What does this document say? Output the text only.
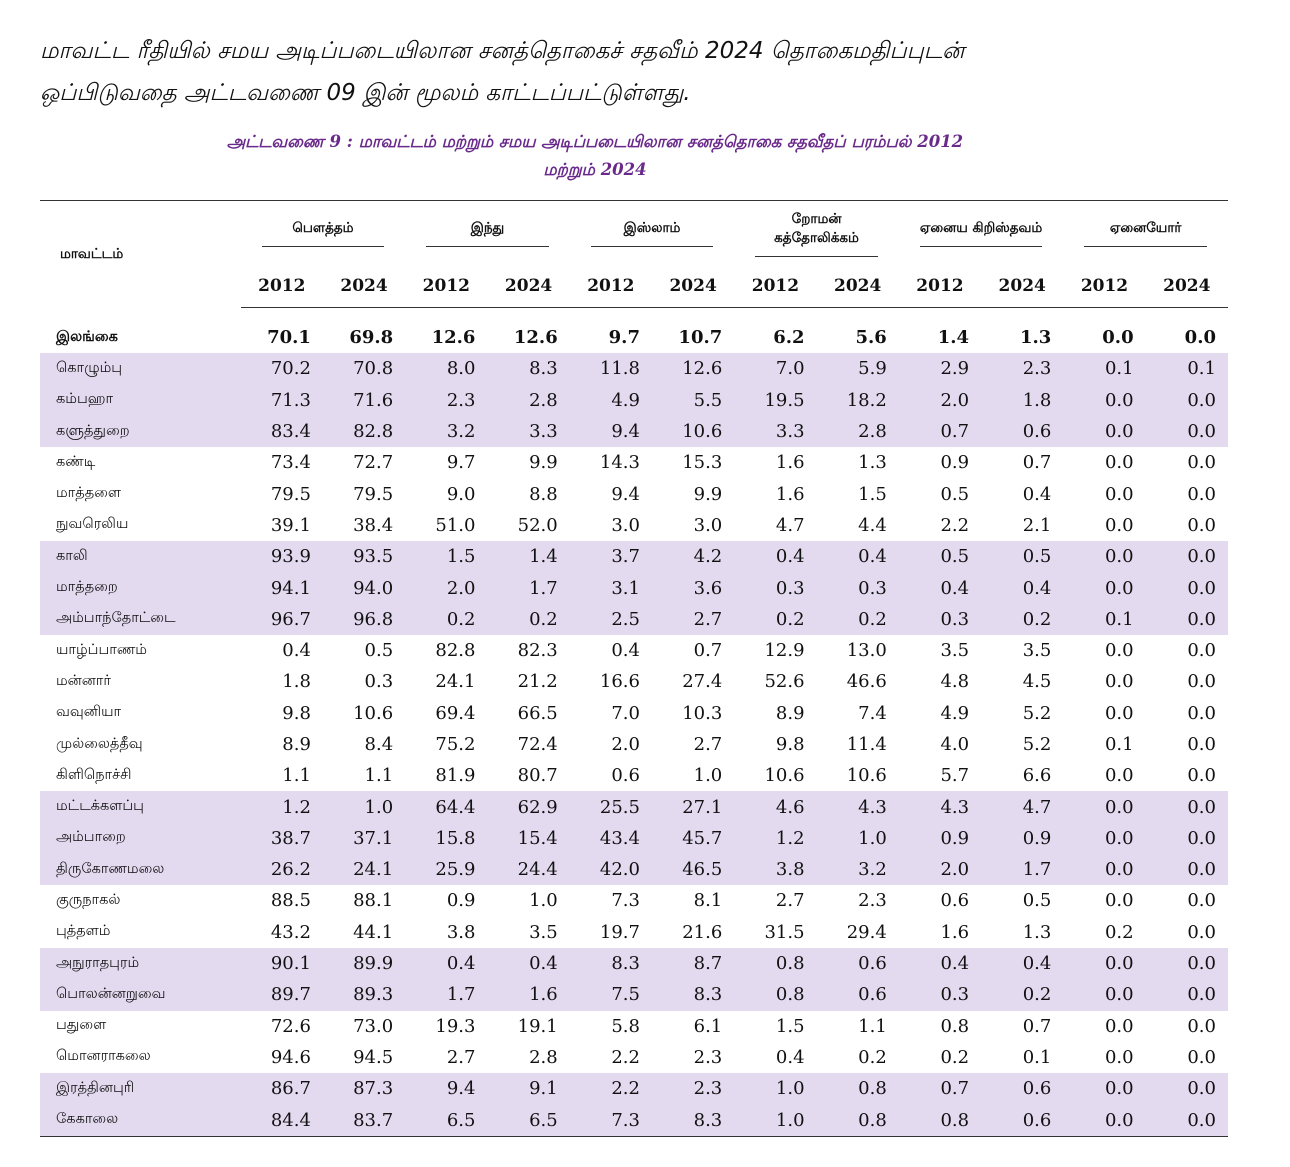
மாவட்ட ரீதியில் சமய அடிப்படையிலான சனத்தொகைச் சதவீம் 2024 தொகைமதிப்புடன்

ஒப்பிடுவதை அட்டவணை 09 இன் மூலம் காட்டப்பட்டுள்ளது.

அட்டவணை 9 : மாவட்டம் மற்றும் சமய அடிப்படையிலான சனத்தொகை சதவீதப் பரம்பல் 2012
மற்றும் 2024
மாவட்டம்	பௌத்தம்		இந்து		இஸ்லாம்		றோமன் கத்தோலிக்கம்		ஏனைய கிறிஸ்தவம்		ஏனையோர்	

	2012	2024	2012	2024	2012	2024	2012	2024	2012	2024	2012	2024

இலங்கை	70.1	69.8	12.6	12.6	9.7	10.7	6.2	5.6	1.4	1.3	0.0	0.0
கொழும்பு	70.2	70.8	8.0	8.3	11.8	12.6	7.0	5.9	2.9	2.3	0.1	0.1
கம்பஹா	71.3	71.6	2.3	2.8	4.9	5.5	19.5	18.2	2.0	1.8	0.0	0.0
களுத்துறை	83.4	82.8	3.2	3.3	9.4	10.6	3.3	2.8	0.7	0.6	0.0	0.0
கண்டி	73.4	72.7	9.7	9.9	14.3	15.3	1.6	1.3	0.9	0.7	0.0	0.0
மாத்தளை	79.5	79.5	9.0	8.8	9.4	9.9	1.6	1.5	0.5	0.4	0.0	0.0
நுவரெலிய	39.1	38.4	51.0	52.0	3.0	3.0	4.7	4.4	2.2	2.1	0.0	0.0
காலி	93.9	93.5	1.5	1.4	3.7	4.2	0.4	0.4	0.5	0.5	0.0	0.0
மாத்தறை	94.1	94.0	2.0	1.7	3.1	3.6	0.3	0.3	0.4	0.4	0.0	0.0
அம்பாந்தோட்டை	96.7	96.8	0.2	0.2	2.5	2.7	0.2	0.2	0.3	0.2	0.1	0.0
யாழ்ப்பாணம்	0.4	0.5	82.8	82.3	0.4	0.7	12.9	13.0	3.5	3.5	0.0	0.0
மன்னார்	1.8	0.3	24.1	21.2	16.6	27.4	52.6	46.6	4.8	4.5	0.0	0.0
வவுனியா	9.8	10.6	69.4	66.5	7.0	10.3	8.9	7.4	4.9	5.2	0.0	0.0
முல்லைத்தீவு	8.9	8.4	75.2	72.4	2.0	2.7	9.8	11.4	4.0	5.2	0.1	0.0
கிளிநொச்சி	1.1	1.1	81.9	80.7	0.6	1.0	10.6	10.6	5.7	6.6	0.0	0.0
மட்டக்களப்பு	1.2	1.0	64.4	62.9	25.5	27.1	4.6	4.3	4.3	4.7	0.0	0.0
அம்பாறை	38.7	37.1	15.8	15.4	43.4	45.7	1.2	1.0	0.9	0.9	0.0	0.0
திருகோணமலை	26.2	24.1	25.9	24.4	42.0	46.5	3.8	3.2	2.0	1.7	0.0	0.0
குருநாகல்	88.5	88.1	0.9	1.0	7.3	8.1	2.7	2.3	0.6	0.5	0.0	0.0
புத்தளம்	43.2	44.1	3.8	3.5	19.7	21.6	31.5	29.4	1.6	1.3	0.2	0.0
அநுராதபுரம்	90.1	89.9	0.4	0.4	8.3	8.7	0.8	0.6	0.4	0.4	0.0	0.0
பொலன்னறுவை	89.7	89.3	1.7	1.6	7.5	8.3	0.8	0.6	0.3	0.2	0.0	0.0
பதுளை	72.6	73.0	19.3	19.1	5.8	6.1	1.5	1.1	0.8	0.7	0.0	0.0
மொனராகலை	94.6	94.5	2.7	2.8	2.2	2.3	0.4	0.2	0.2	0.1	0.0	0.0
இரத்தினபுரி	86.7	87.3	9.4	9.1	2.2	2.3	1.0	0.8	0.7	0.6	0.0	0.0
கேகாலை	84.4	83.7	6.5	6.5	7.3	8.3	1.0	0.8	0.8	0.6	0.0	0.0
